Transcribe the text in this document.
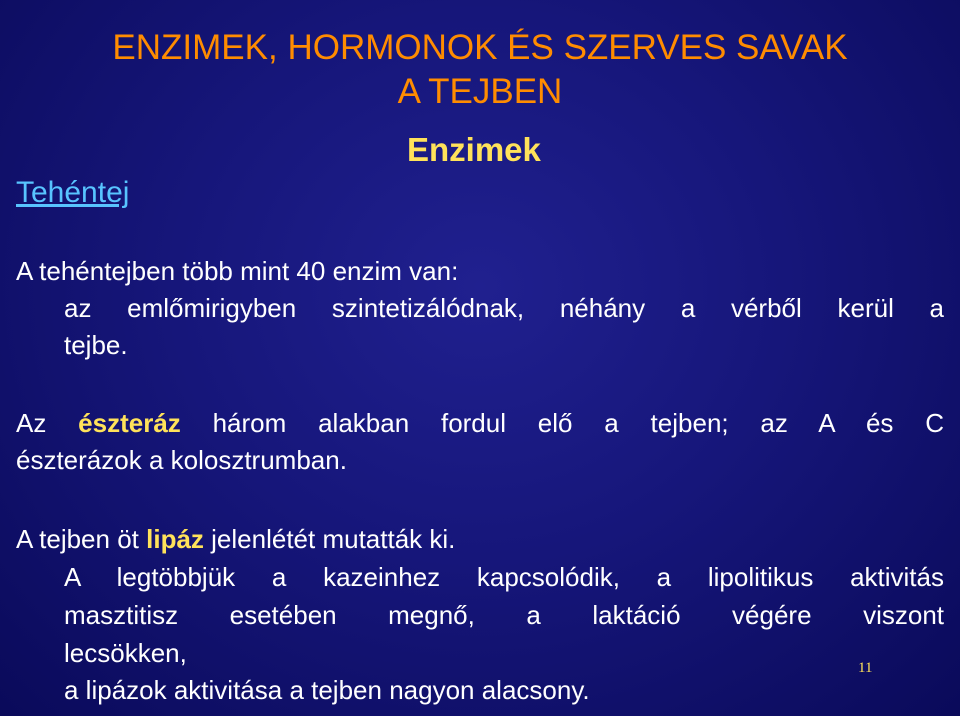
ENZIMEK, HORMONOK ÉS SZERVES SAVAK
A TEJBEN
Enzimek
Tehéntej
A tehéntejben több mint 40 enzim van:
az emlőmirigyben szintetizálódnak, néhány a vérből kerül a
tejbe.
Az észteráz három alakban fordul elő a tejben; az A és C
észterázok a kolosztrumban.
A tejben öt lipáz jelenlétét mutatták ki.
A legtöbbjük a kazeinhez kapcsolódik, a lipolitikus aktivitás
masztitisz esetében megnő, a laktáció végére viszont
lecsökken,
a lipázok aktivitása a tejben nagyon alacsony.
11
